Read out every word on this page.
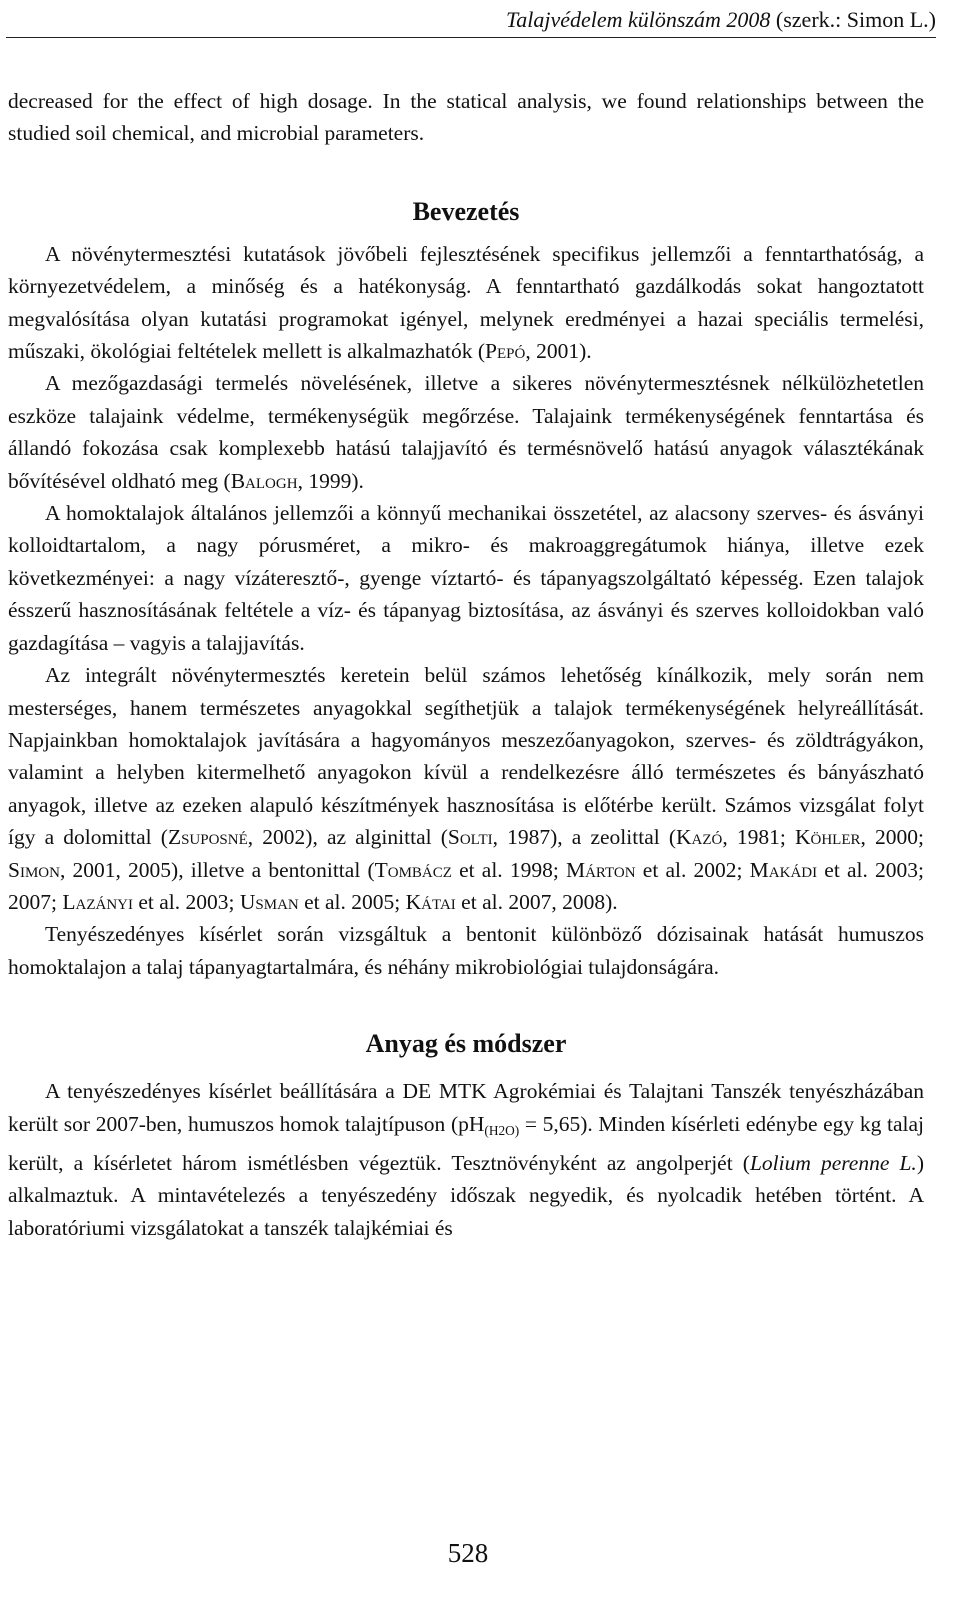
Talajvédelem különszám 2008 (szerk.: Simon L.)

decreased for the effect of high dosage. In the statical analysis, we found relationships between the studied soil chemical, and microbial parameters.

Bevezetés

A növénytermesztési kutatások jövőbeli fejlesztésének specifikus jellemzői a fenntarthatóság, a környezetvédelem, a minőség és a hatékonyság. A fenntartható gazdálkodás sokat hangoztatott megvalósítása olyan kutatási programokat igényel, melynek eredményei a hazai speciális termelési, műszaki, ökológiai feltételek mellett is alkalmazhatók (Pepó, 2001).

A mezőgazdasági termelés növelésének, illetve a sikeres növénytermesztésnek nélkülözhetetlen eszköze talajaink védelme, termékenységük megőrzése. Talajaink termékenységének fenntartása és állandó fokozása csak komplexebb hatású talajjavító és termésnövelő hatású anyagok választékának bővítésével oldható meg (Balogh, 1999).

A homoktalajok általános jellemzői a könnyű mechanikai összetétel, az alacsony szerves- és ásványi kolloidtartalom, a nagy pórusméret, a mikro- és makroaggregátumok hiánya, illetve ezek következményei: a nagy vízáteresztő-, gyenge víztartó- és tápanyagszolgáltató képesség. Ezen talajok ésszerű hasznosításának feltétele a víz- és tápanyag biztosítása, az ásványi és szerves kolloidokban való gazdagítása – vagyis a talajjavítás.

Az integrált növénytermesztés keretein belül számos lehetőség kínálkozik, mely során nem mesterséges, hanem természetes anyagokkal segíthetjük a talajok termékenységének helyreállítását. Napjainkban homoktalajok javítására a hagyományos meszezőanyagokon, szerves- és zöldtrágyákon, valamint a helyben kitermelhető anyagokon kívül a rendelkezésre álló természetes és bányászható anyagok, illetve az ezeken alapuló készítmények hasznosítása is előtérbe került. Számos vizsgálat folyt így a dolomittal (Zsuposné, 2002), az alginittal (Solti, 1987), a zeolittal (Kazó, 1981; Köhler, 2000; Simon, 2001, 2005), illetve a bentonittal (Tombácz et al. 1998; Márton et al. 2002; Makádi et al. 2003; 2007; Lazányi et al. 2003; Usman et al. 2005; Kátai et al. 2007, 2008).

Tenyészedényes kísérlet során vizsgáltuk a bentonit különböző dózisainak hatását humuszos homoktalajon a talaj tápanyagtartalmára, és néhány mikrobiológiai tulajdonságára.

Anyag és módszer

A tenyészedényes kísérlet beállítására a DE MTK Agrokémiai és Talajtani Tanszék tenyészházában került sor 2007-ben, humuszos homok talajtípuson $(pH_{(H2O)} = 5,65)$. Minden kísérleti edénybe egy kg talaj került, a kísérletet három ismétlésben végeztük. Tesztnövényként az angolperjét (Lolium perenne L.) alkalmaztuk. A mintavételezés a tenyészedény időszak negyedik, és nyolcadik hetében történt. A laboratóriumi vizsgálatokat a tanszék talajkémiai és

528
